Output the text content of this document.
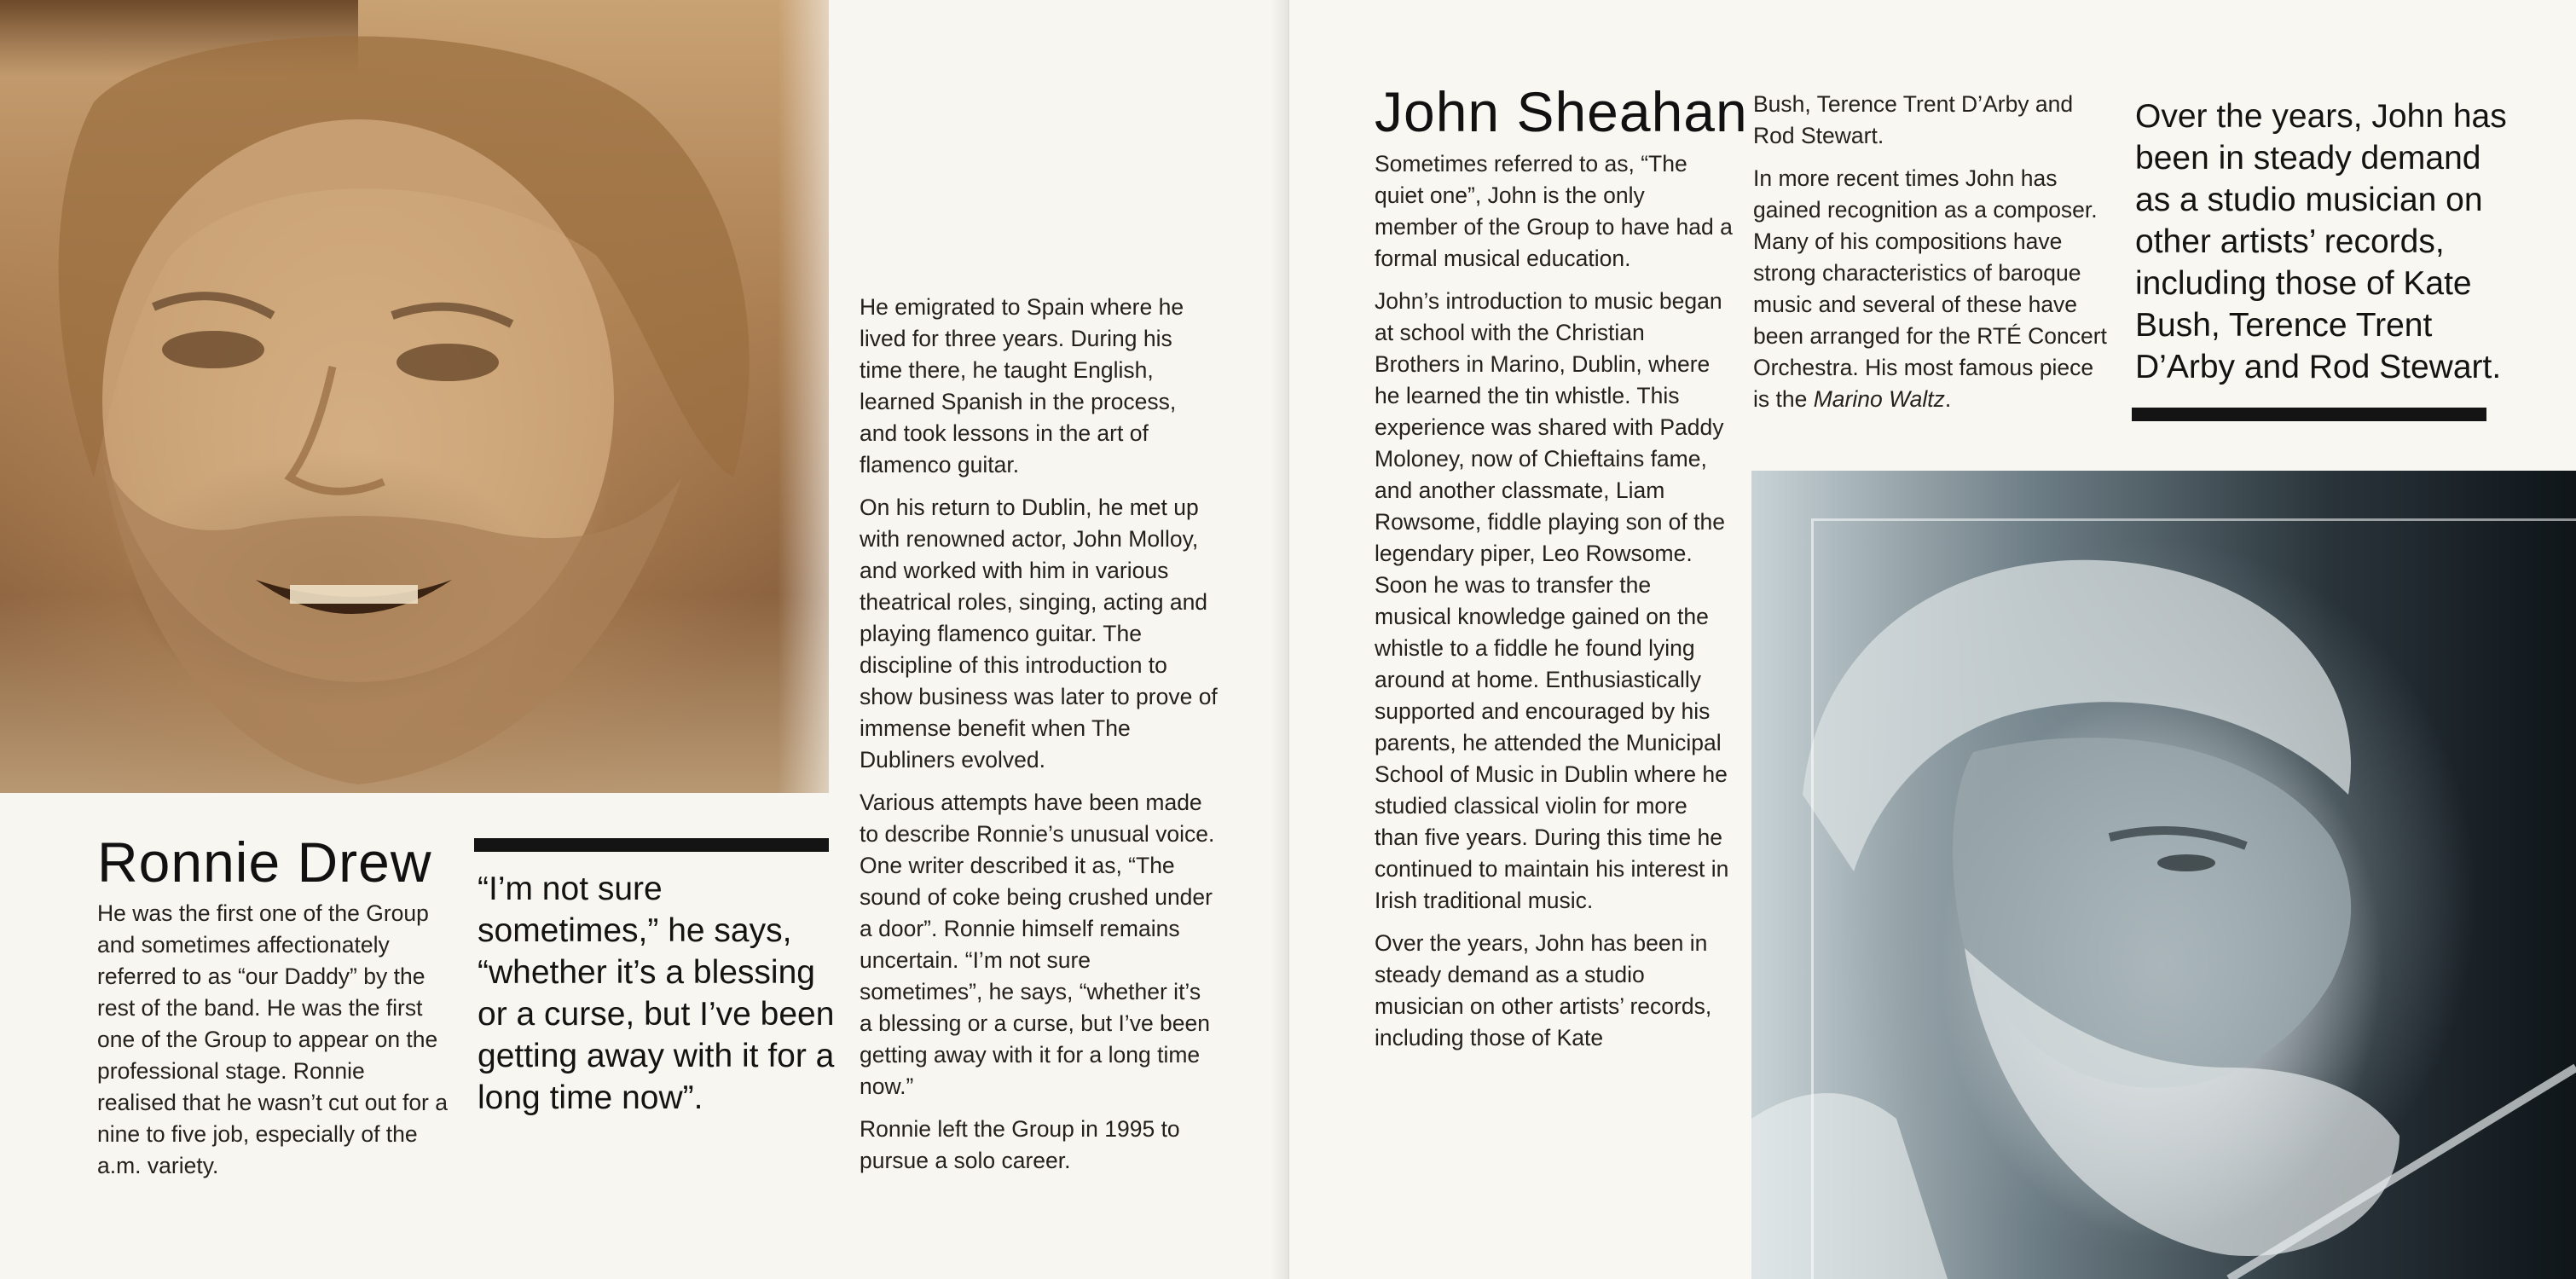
Ronnie Drew

He was the first one of the Group and sometimes affectionately referred to as “our Daddy” by the rest of the band. He was the first one of the Group to appear on the professional stage. Ronnie realised that he wasn’t cut out for a nine to five job, especially of the a.m. variety.

“I’m not sure sometimes,” he says, “whether it’s a blessing or a curse, but I’ve been getting away with it for a long time now”.

He emigrated to Spain where he lived for three years. During his time there, he taught English, learned Spanish in the process, and took lessons in the art of flamenco guitar.

On his return to Dublin, he met up with renowned actor, John Molloy, and worked with him in various theatrical roles, singing, acting and playing flamenco guitar. The discipline of this introduction to show business was later to prove of immense benefit when The Dubliners evolved.

Various attempts have been made to describe Ronnie’s unusual voice. One writer described it as, “The sound of coke being crushed under a door”. Ronnie himself remains uncertain. “I’m not sure sometimes”, he says, “whether it’s a blessing or a curse, but I’ve been getting away with it for a long time now.”

Ronnie left the Group in 1995 to pursue a solo career.

John Sheahan

Sometimes referred to as, “The quiet one”, John is the only member of the Group to have had a formal musical education.

John’s introduction to music began at school with the Christian Brothers in Marino, Dublin, where he learned the tin whistle. This experience was shared with Paddy Moloney, now of Chieftains fame, and another classmate, Liam Rowsome, fiddle playing son of the legendary piper, Leo Rowsome. Soon he was to transfer the musical knowledge gained on the whistle to a fiddle he found lying around at home. Enthusiastically supported and encouraged by his parents, he attended the Municipal School of Music in Dublin where he studied classical violin for more than five years. During this time he continued to maintain his interest in Irish traditional music.

Over the years, John has been in steady demand as a studio musician on other artists’ records, including those of Kate

Bush, Terence Trent D’Arby and Rod Stewart.

In more recent times John has gained recognition as a composer. Many of his compositions have strong characteristics of baroque music and several of these have been arranged for the RTÉ Concert Orchestra. His most famous piece is the Marino Waltz.

Over the years, John has been in steady demand as a studio musician on other artists’ records, including those of Kate Bush, Terence Trent D’Arby and Rod Stewart.
